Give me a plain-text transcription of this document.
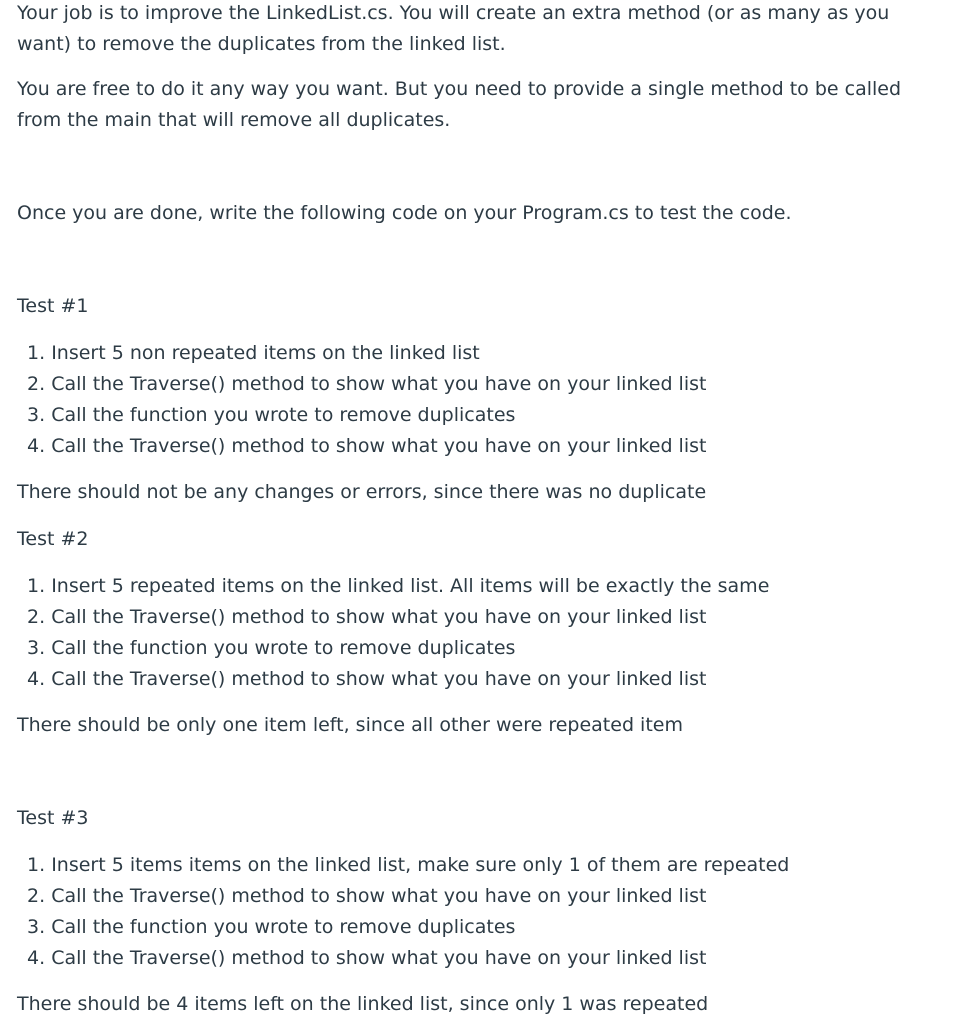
Your job is to improve the LinkedList.cs. You will create an extra method (or as many as you want) to remove the duplicates from the linked list.

You are free to do it any way you want. But you need to provide a single method to be called from the main that will remove all duplicates.

Once you are done, write the following code on your Program.cs to test the code.

Test #1

1. Insert 5 non repeated items on the linked list
2. Call the Traverse() method to show what you have on your linked list
3. Call the function you wrote to remove duplicates
4. Call the Traverse() method to show what you have on your linked list

There should not be any changes or errors, since there was no duplicate

Test #2

1. Insert 5 repeated items on the linked list. All items will be exactly the same
2. Call the Traverse() method to show what you have on your linked list
3. Call the function you wrote to remove duplicates
4. Call the Traverse() method to show what you have on your linked list

There should be only one item left, since all other were repeated item

Test #3

1. Insert 5 items items on the linked list, make sure only 1 of them are repeated
2. Call the Traverse() method to show what you have on your linked list
3. Call the function you wrote to remove duplicates
4. Call the Traverse() method to show what you have on your linked list

There should be 4 items left on the linked list, since only 1 was repeated
